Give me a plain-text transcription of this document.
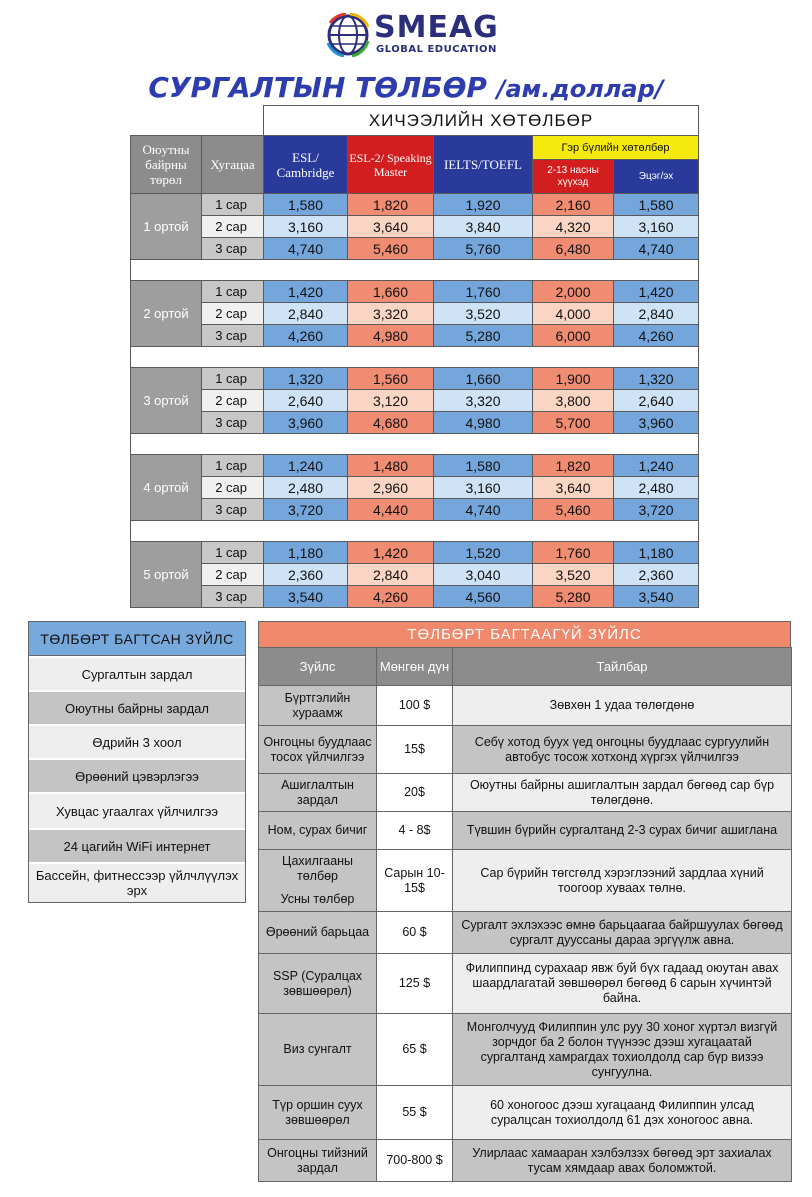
SMEAG
GLOBAL EDUCATION
СУРГАЛТЫН ТӨЛБӨР /ам.доллар/
		ХИЧЭЭЛИЙН ХӨТӨЛБӨР				
Оюутны байрны төрөл	Хугацаа	ESL/ Cambridge	ESL-2/ Speaking Master	IELTS/TOEFL	Гэр бүлийн хөтөлбөр	
					2-13 насны хүүхэд	Эцэг/эх
1 ортой	1 сар	1,580	1,820	1,920	2,160	1,580
	2 сар	3,160	3,640	3,840	4,320	3,160
	3 сар	4,740	5,460	5,760	6,480	4,740

2 ортой	1 сар	1,420	1,660	1,760	2,000	1,420
	2 сар	2,840	3,320	3,520	4,000	2,840
	3 сар	4,260	4,980	5,280	6,000	4,260

3 ортой	1 сар	1,320	1,560	1,660	1,900	1,320
	2 сар	2,640	3,120	3,320	3,800	2,640
	3 сар	3,960	4,680	4,980	5,700	3,960

4 ортой	1 сар	1,240	1,480	1,580	1,820	1,240
	2 сар	2,480	2,960	3,160	3,640	2,480
	3 сар	3,720	4,440	4,740	5,460	3,720

5 ортой	1 сар	1,180	1,420	1,520	1,760	1,180
	2 сар	2,360	2,840	3,040	3,520	2,360
	3 сар	3,540	4,260	4,560	5,280	3,540
ТӨЛБӨРТ БАГТСАН ЗҮЙЛС
Сургалтын зардал
Оюутны байрны зардал
Өдрийн 3 хоол
Өрөөний цэвэрлэгээ
Хувцас угаалгах үйлчилгээ
24 цагийн WiFi интернет
Бассейн, фитнессээр үйлчлүүлэх эрх
ТӨЛБӨРТ БАГТААГҮЙ ЗҮЙЛС
Зүйлс	Мөнгөн дүн	Тайлбар
Бүртгэлийн хураамж	100 $	Зөвхөн 1 удаа төлөгдөнө
Онгоцны буудлаас тосох үйлчилгээ	15$	Себү хотод буух үед онгоцны буудлаас сургуулийн автобус тосож хотхонд хүргэх үйлчилгээ
Ашиглалтын зардал	20$	Оюутны байрны ашиглалтын зардал бөгөөд сар бүр төлөгдөнө.
Ном, сурах бичиг	4 - 8$	Түвшин бүрийн сургалтанд 2-3 сурах бичиг ашиглана

Цахилгааны төлбөр
Усны төлбөр	Сарын 10-15$	Сар бүрийн төгсгөлд хэрэглээний зардлаа хүний тоогоор хуваах төлнө.
Өрөөний барьцаа	60 $	Сургалт эхлэхээс өмнө барьцаагаа байршуулах бөгөөд сургалт дууссаны дараа эргүүлж авна.
SSP (Суралцах зөвшөөрөл)	125 $	Филиппинд сурахаар явж буй бүх гадаад оюутан авах шаардлагатай зөвшөөрөл бөгөөд 6 сарын хүчинтэй байна.
Виз сунгалт	65 $	Монголчууд Филиппин улс руу 30 хоног хүртэл визгүй зорчдог ба 2 болон түүнээс дээш хугацаатай сургалтанд хамрагдах тохиолдолд сар бүр визээ сунгуулна.
Түр оршин суух зөвшөөрөл	55 $	60 хоногоос дээш хугацаанд Филиппин улсад суралцсан тохиолдолд 61 дэх хоногоос авна.
Онгоцны тийзний зардал	700-800 $	Улирлаас хамааран хэлбэлзэх бөгөөд эрт захиалах тусам хямдаар авах боломжтой.
